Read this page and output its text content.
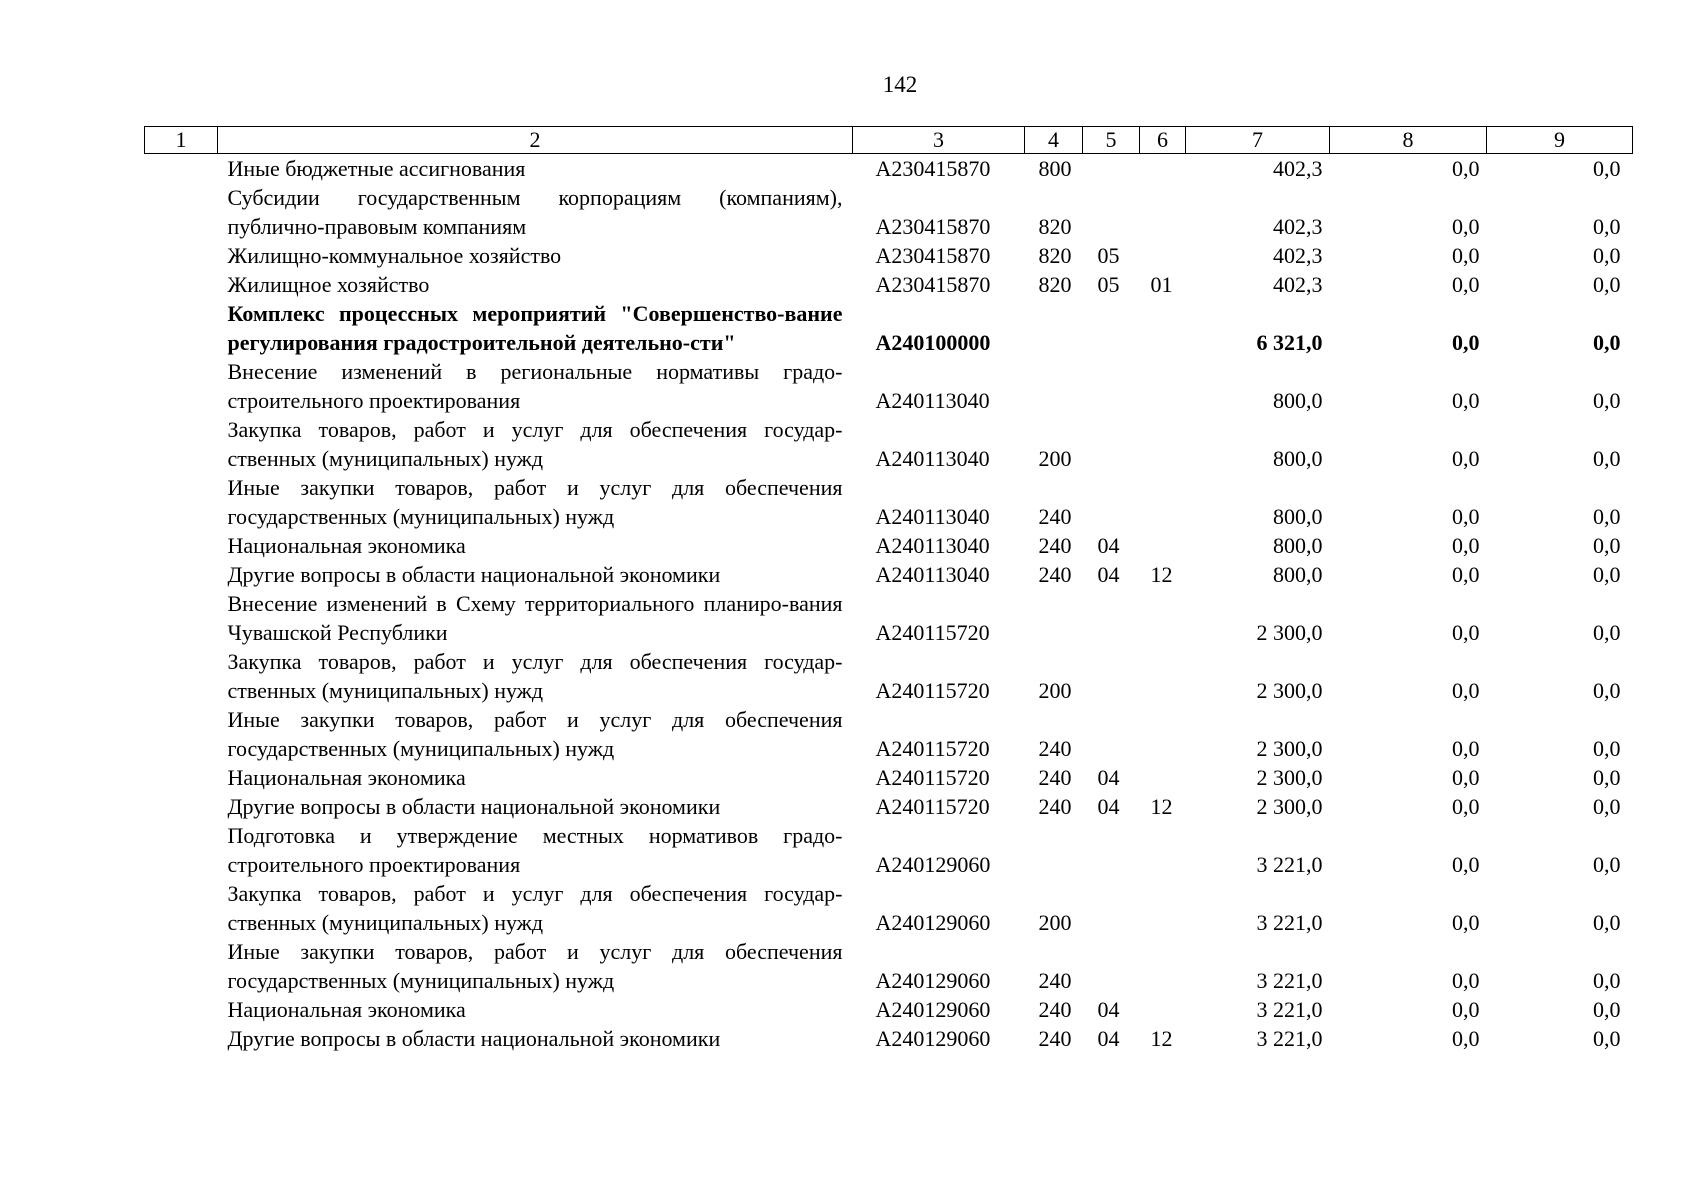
142
1	2	3	4	5	6	7	8	9
	Иные бюджетные ассигнования	А230415870	800			402,3	0,0	0,0
	Субсидии государственным корпорациям (компаниям), публично-правовым компаниям	А230415870	820			402,3	0,0	0,0
	Жилищно-коммунальное хозяйство	А230415870	820	05		402,3	0,0	0,0
	Жилищное хозяйство	А230415870	820	05	01	402,3	0,0	0,0
	Комплекс процессных мероприятий "Совершенство-вание регулирования градостроительной деятельно-сти"	А240100000				6 321,0	0,0	0,0
	Внесение изменений в региональные нормативы градо-строительного проектирования	А240113040				800,0	0,0	0,0
	Закупка товаров, работ и услуг для обеспечения государ-ственных (муниципальных) нужд	А240113040	200			800,0	0,0	0,0
	Иные закупки товаров, работ и услуг для обеспечения государственных (муниципальных) нужд	А240113040	240			800,0	0,0	0,0
	Национальная экономика	А240113040	240	04		800,0	0,0	0,0
	Другие вопросы в области национальной экономики	А240113040	240	04	12	800,0	0,0	0,0
	Внесение изменений в Схему территориального планиро-вания Чувашской Республики	А240115720				2 300,0	0,0	0,0
	Закупка товаров, работ и услуг для обеспечения государ-ственных (муниципальных) нужд	А240115720	200			2 300,0	0,0	0,0
	Иные закупки товаров, работ и услуг для обеспечения государственных (муниципальных) нужд	А240115720	240			2 300,0	0,0	0,0
	Национальная экономика	А240115720	240	04		2 300,0	0,0	0,0
	Другие вопросы в области национальной экономики	А240115720	240	04	12	2 300,0	0,0	0,0
	Подготовка и утверждение местных нормативов градо-строительного проектирования	А240129060				3 221,0	0,0	0,0
	Закупка товаров, работ и услуг для обеспечения государ-ственных (муниципальных) нужд	А240129060	200			3 221,0	0,0	0,0
	Иные закупки товаров, работ и услуг для обеспечения государственных (муниципальных) нужд	А240129060	240			3 221,0	0,0	0,0
	Национальная экономика	А240129060	240	04		3 221,0	0,0	0,0
	Другие вопросы в области национальной экономики	А240129060	240	04	12	3 221,0	0,0	0,0
